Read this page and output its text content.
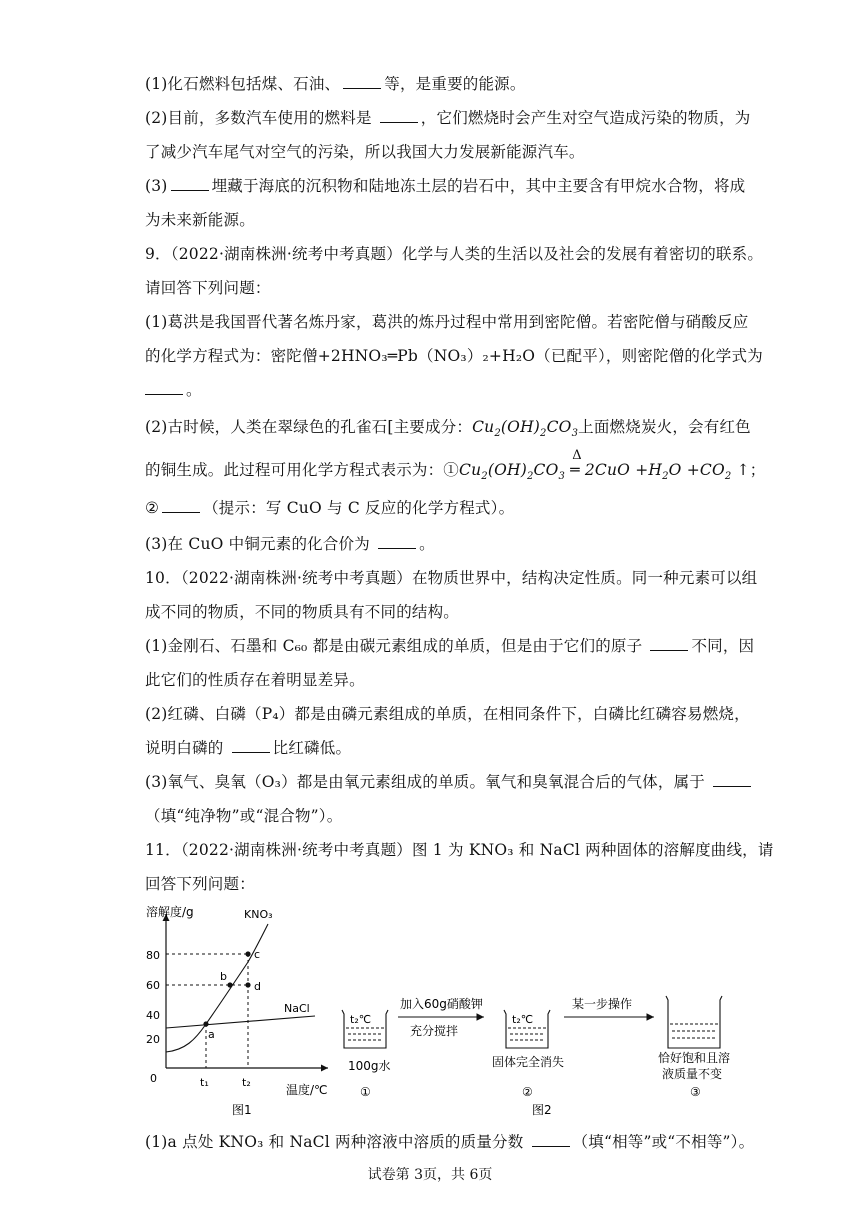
(1)化石燃料包括煤、石油、	等，是重要的能源。
(2)目前，多数汽车使用的燃料是	，它们燃烧时会产生对空气造成污染的物质，为
了减少汽车尾气对空气的污染，所以我国大力发展新能源汽车。
(3)	埋藏于海底的沉积物和陆地冻土层的岩石中，其中主要含有甲烷水合物，将成
为未来新能源。
9．（2022·湖南株洲·统考中考真题）化学与人类的生活以及社会的发展有着密切的联系。
请回答下列问题：
(1)葛洪是我国晋代著名炼丹家，葛洪的炼丹过程中常用到密陀僧。若密陀僧与硝酸反应
的化学方程式为：密陀僧+2HNO₃═Pb（NO₃）₂+H₂O（已配平），则密陀僧的化学式为
。
(2)古时候，人类在翠绿色的孔雀石[主要成分：$Cu_2(OH)_2CO_3$上面燃烧炭火，会有红色
的铜生成。此过程可用化学方程式表示为：$①Cu_2(OH)_2CO_3$
Δ
═ $2CuO +H_2O +CO_2$ ↑；
②	（提示：写 CuO 与 C 反应的化学方程式）。
(3)在 CuO 中铜元素的化合价为	。
10．（2022·湖南株洲·统考中考真题）在物质世界中，结构决定性质。同一种元素可以组
成不同的物质，不同的物质具有不同的结构。
(1)金刚石、石墨和 C₆₀ 都是由碳元素组成的单质，但是由于它们的原子	不同，因
此它们的性质存在着明显差异。
(2)红磷、白磷（P₄）都是由磷元素组成的单质，在相同条件下，白磷比红磷容易燃烧，
说明白磷的	比红磷低。
(3)氧气、臭氧（O₃）都是由氧元素组成的单质。氧气和臭氧混合后的气体，属于
（填“纯净物”或“混合物”）。
11．（2022·湖南株洲·统考中考真题）图 1 为 KNO₃ 和 NaCl 两种固体的溶解度曲线，请
回答下列问题：
溶解度/g
温度/℃
0
20
40
60
80
KNO₃
NaCl
a
b
c
d
t₁	t₂
图1
t₂℃
100g水
①
加入60g硝酸钾
充分搅拌
t₂℃
固体完全消失
②
某一步操作
恰好饱和且溶
液质量不变
③
图2
(1)a 点处 KNO₃ 和 NaCl 两种溶液中溶质的质量分数	（填“相等”或“不相等”）。
试卷第 3页，共 6页
